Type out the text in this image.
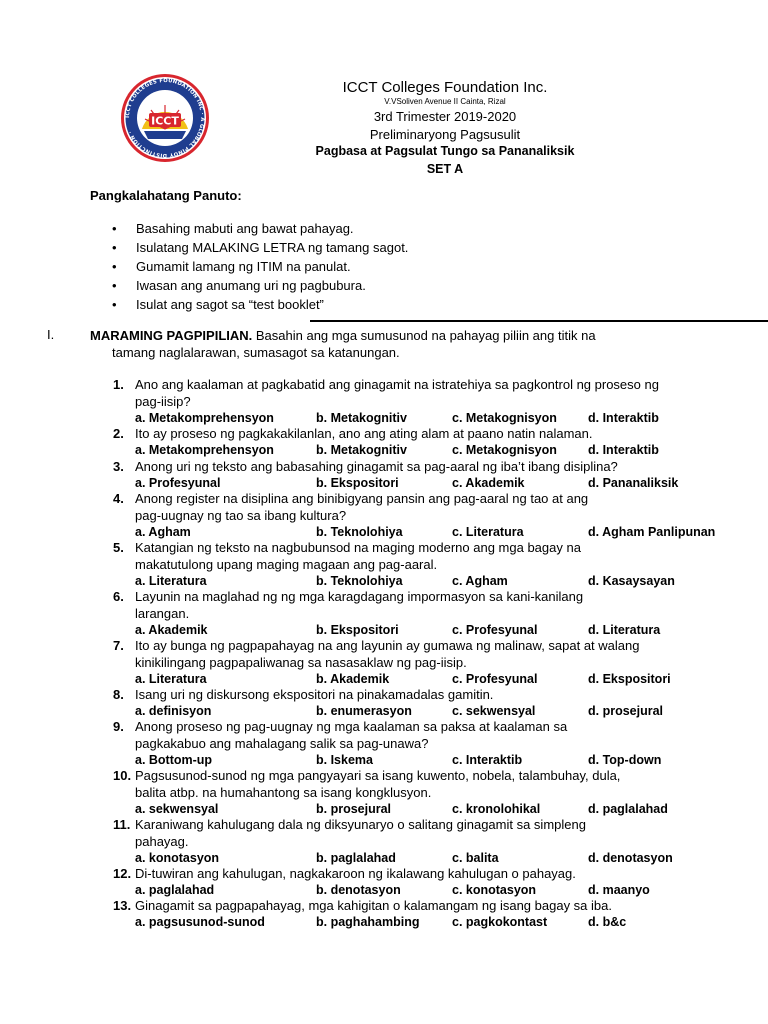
ICCT COLLEGES FOUNDATION INC · A GLOBAL PINOY DISTINCTION ·
ICCT
ICCT Colleges Foundation Inc.
V.VSoliven Avenue II Cainta, Rizal
3rd Trimester 2019-2020
Preliminaryong Pagsusulit
Pagbasa at Pagsulat Tungo sa Pananaliksik
SET A
Pangkalahatang Panuto:
• Basahing mabuti ang bawat pahayag.
• Isulatang MALAKING LETRA ng tamang sagot.
• Gumamit lamang ng ITIM na panulat.
• Iwasan ang anumang uri ng pagbubura.
• Isulat ang sagot sa “test booklet”
I.	MARAMING PAGPIPILIAN. Basahin ang mga sumusunod na pahayag piliin ang titik na
tamang naglalarawan, sumasagot sa katanungan.
1. Ano ang kaalaman at pagkabatid ang ginagamit na istratehiya sa pagkontrol ng proseso ng
pag-iisip?
a. Metakomprehensyon	b. Metakognitiv	c. Metakognisyon d. Interaktib
2. Ito ay proseso ng pagkakakilanlan, ano ang ating alam at paano natin nalaman.
a. Metakomprehensyon	b. Metakognitiv	c. Metakognisyon d. Interaktib
3. Anong uri ng teksto ang babasahing ginagamit sa pag-aaral ng iba’t ibang disiplina?
a. Profesyunal	b. Ekspositori	c. Akademik	d. Pananaliksik
4. Anong register na disiplina ang binibigyang pansin ang pag-aaral ng tao at ang
pag-uugnay ng tao sa ibang kultura?
a. Agham	b. Teknolohiya	c. Literatura	d. Agham Panlipunan
5. Katangian ng teksto na nagbubunsod na maging moderno ang mga bagay na
makatutulong upang maging magaan ang pag-aaral.
a. Literatura	b. Teknolohiya	c. Agham	d. Kasaysayan
6. Layunin na maglahad ng ng mga karagdagang impormasyon sa kani-kanilang
larangan.
a. Akademik	b. Ekspositori	c. Profesyunal	d. Literatura
7. Ito ay bunga ng pagpapahayag na ang layunin ay gumawa ng malinaw, sapat at walang
kinikilingang pagpapaliwanag sa nasasaklaw ng pag-iisip.
a. Literatura	b. Akademik	c. Profesyunal	d. Ekspositori
8. Isang uri ng diskursong ekspositori na pinakamadalas gamitin.
a. definisyon	b. enumerasyon	c. sekwensyal	d. prosejural
9. Anong proseso ng pag-uugnay ng mga kaalaman sa paksa at kaalaman sa
pagkakabuo ang mahalagang salik sa pag-unawa?
a. Bottom-up	b. Iskema	c. Interaktib	d. Top-down
10. Pagsusunod-sunod ng mga pangyayari sa isang kuwento, nobela, talambuhay, dula,
balita atbp. na humahantong sa isang kongklusyon.
a. sekwensyal	b. prosejural	c. kronolohikal	d. paglalahad
11. Karaniwang kahulugang dala ng diksyunaryo o salitang ginagamit sa simpleng
pahayag.
a. konotasyon	b. paglalahad	c. balita	d. denotasyon
12. Di-tuwiran ang kahulugan, nagkakaroon ng ikalawang kahulugan o pahayag.
a. paglalahad	b. denotasyon	c. konotasyon	d. maanyo
13. Ginagamit sa pagpapahayag, mga kahigitan o kalamangam ng isang bagay sa iba.
a. pagsusunod-sunod	b. paghahambing	c. pagkokontast	d. b&c
